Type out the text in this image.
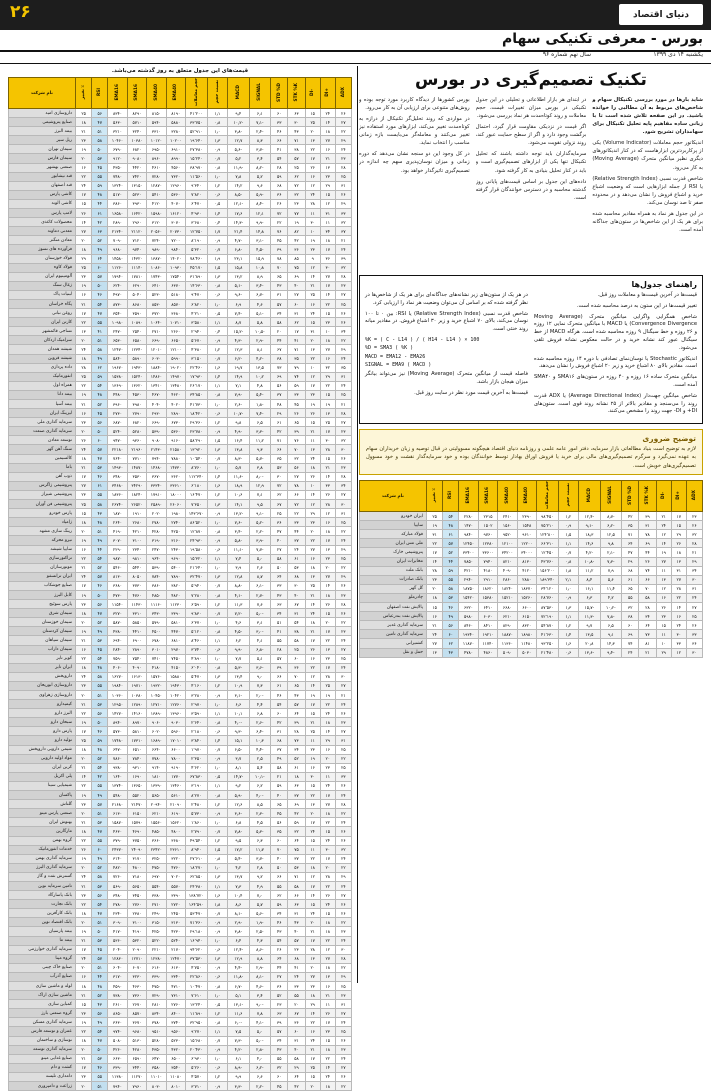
دنیای اقتصاد
۲۶
بورس - معرفی تکنیکی سهام
یکشنبه ۱۴ دی ۱۳۹۹
سال نهم شماره ۹۶
تکنیک تصمیم‌گیری در بورس

شاید بارها در مورد بررسی تکنیکال سهام و شاخص‌های مربوط به آن مطالبی را خوانده باشید. در این صفحه تلاش شده است تا با زبانی ساده مفاهیم پایه تحلیل تکنیکال برای سهامداران تشریح شود.

اندیکاتور حجم معاملات (Volume Indicator) یکی از پرکاربردترین ابزارهاست که در کنار اندیکاتورهای دیگری نظیر میانگین متحرک (Moving Average) به کار می‌رود.

شاخص قدرت نسبی (Relative Strength Index) یا RSI از جمله ابزارهایی است که وضعیت اشباع خرید و اشباع فروش را نشان می‌دهد و در محدوده صفر تا صد نوسان می‌کند.

در این جدول هر نماد به همراه مقادیر محاسبه شده برای هر یک از این شاخص‌ها در ستون‌های جداگانه آمده است.

در ابتدای هر بازار اطلاعاتی و تحلیلی در این جدول تکنیکی در بورس میزان تغییرات قیمت، حجم معاملات و روند کوتاه‌مدت هر نماد بررسی می‌شود.

اگر قیمت در نزدیکی مقاومت قرار گیرد، احتمال برگشت وجود دارد و اگر از سطح حمایت عبور کند، روند نزولی تقویت می‌شود.

سرمایه‌گذاران باید توجه داشته باشند که تحلیل تکنیکال تنها یکی از ابزارهای تصمیم‌گیری است و باید در کنار تحلیل بنیادی به کار گرفته شود.

داده‌های این جدول بر اساس قیمت‌های پایانی روز گذشته محاسبه و در دسترس خوانندگان قرار گرفته است.

بورس کشورها از دیدگاه کاربرد مورد توجه بوده و روش‌های متنوعی برای ارزیابی آن به کار می‌رود.

در مواردی که روند تحلیل‌گر تکنیکال از درازه به کوتاه‌مدت تغییر می‌کند، ابزارهای مورد استفاده نیز تغییر می‌کنند و معامله‌گر می‌بایست بازه زمانی مناسب را انتخاب نماید.

در کل وجود این دو سنجه نشان می‌دهد که دوره زمانی و میزان نوسان‌پذیری سهم چه اندازه در تصمیم‌گیری تاثیرگذار خواهد بود.

راهنمای جدول‌ها

قیمت‌ها در آخرین قیمت‌ها و معاملات روز قبل.

تغییر قیمت‌ها در این ستون به درصد محاسبه شده است.

شاخص همگرایی واگرایی میانگین متحرک (Moving Average Convergence Divergence) یا MACD با میانگین متحرک نمایی ۱۲ روزه و ۲۶ روزه و خط سیگنال ۹ روزه محاسبه شده است. هرگاه MACD از خط سیگنال عبور کند نشانه خرید و در حالت معکوس نشانه فروش تلقی می‌شود.

اندیکاتور Stochastic یا نوسان‌نمای تصادفی با دوره ۱۴ روزه محاسبه شده است. مقادیر بالای ۸۰ اشباع خرید و زیر ۲۰ اشباع فروش را نشان می‌دهد.

میانگین متحرک ساده ۱۶ روزه و ۴۰ روزه در ستون‌های SMA۱۶ و SMA۴۰ آمده است.

شاخص میانگین جهت‌دار (Average Directional Index) یا ADX قدرت روند را می‌سنجد و مقادیر بالاتر از ۲۵ نشانه روند قوی است. ستون‌های DI+ و DI- جهت روند را مشخص می‌کنند.

در هر یک از ستون‌های زیر نشانه‌های جداگانه‌ای برای هر یک از شاخص‌ها در نظر گرفته شده که بر اساس آن می‌توان وضعیت هر نماد را ارزیابی کرد.

شاخص قدرت نسبی (Relative Strength Index) یا RSI: بین ۰ تا ۱۰۰ نوسان می‌کند، بالای ۷۰ اشباع خرید و زیر ۳۰ اشباع فروش. در مقادیر میانه روند خنثی است.

%K = ( C - L14 ) / ( H14 - L14 ) × 100
%D = SMA3 ( %K )
MACD = EMA12 - EMA26
SIGNAL = EMA9 ( MACD )

فاصله قیمت از میانگین متحرک (Moving Average) نیز می‌تواند بیانگر میزان هیجان بازار باشد.

قیمت‌ها به آخرین قیمت مورد نظر در سایت روز قبل.

توضیح ضروری

لازم به توضیح است بنیاد مطالعاتی بازار سرمایه، دفتر امور عامه علمی و روزنامه دنیای اقتصاد هیچگونه مسوولیتی در قبال توصیه و زیان خریداران سهام به عهده نمی‌گیرد و سرگرم تصمیم‌گیری‌های مالی برای خرید یا فروش اوراق بهادار توسط خوانندگان بوده و خود سرمایه‌گذار نقشت و خود مسوول تصمیم‌گیری‌های خویش است.

ADX	+DI	-DI	STK %K	STD %D	SIGNAL	MACD	نسبت حجم	حجم معاملات	EMA40	SMA40	SMA16	EMA16	RSI	٪ تغییر	نام شرکت
۲۳	۱۷	۲۱	۳۹	۴۲	-۸٫۷	-۱۲٫۴	۱٫۲	۹۸٬۴۵۰	۲۳۹۰	۲۴۱۰	۲۳۱۵	۲۲۸۰	۵۴	۲۵	ایران خودرو
۲۶	۱۵	۲۴	۳۱	۳۵	-۶٫۲	-۹٫۱	۰٫۹	۷۵٬۲۱۰	۱۵۴۸	۱۵۶۰	۱۵۰۲	۱۴۷۰	۴۸	۱۹	سایپا
۳۲	۲۹	۱۲	۷۸	۷۱	۱۲٫۵	۱۸٫۳	۱٫۵	۱۲۴٬۸۰۰	۹۶۱۰	۹۵۲۰	۹۷۶۰	۹۸۴۰	۶۱	۳۱	فولاد مبارکه
۲۸	۲۶	۱۴	۶۹	۶۴	۹٫۸	۱۴٫۶	۱٫۱	۶۶٬۳۱۰	۱۲۲۰۰	۱۲۱۰۰	۱۲۳۸۰	۱۲۴۵۰	۵۷	۲۲	ملی مس ایران
۲۱	۱۸	۱۹	۴۴	۴۷	-۲٫۱	-۴٫۲	۰٫۷	۱۲٬۴۵۰	۳۴۰۰۰	۳۴۲۰۰	۳۳۶۰۰	۳۳۴۰۰	۵۲	۱۷	پتروشیمی خارک
۲۹	۱۳	۲۷	۲۶	۲۹	-۷٫۳	-۱۰٫۸	۰٫۸	۴۳٬۷۶۰	۸۱۳۰	۸۲۱۰	۷۹۴۰	۷۸۵۰	۴۴	۱۴	مخابرات ایران
۳۴	۳۱	۱۱	۷۴	۶۸	۷٫۹	۱۱٫۲	۱٫۸	۱۵۶٬۲۰۰	۴۱۲۰	۴۰۹۰	۴۱۸۰	۴۲۱۰	۵۹	۲۸	بانک ملت
۳۰	۲۷	۱۳	۶۶	۶۱	۵٫۶	۸٫۴	۲٫۱	۱۸۹٬۳۴۰	۲۸۸۰	۲۸۶۰	۲۹۱۰	۲۹۴۰	۵۵	۲۳	بانک صادرات
۳۱	۲۸	۱۲	۷۰	۶۵	۱۱٫۴	۱۶٫۱	۱٫۰	۳۴٬۱۲۰	۱۸۳۷۰	۱۸۲۴۰	۱۸۶۲۰	۱۸۷۵۰	۵۸	۲۰	گل گهر
۲۴	۲۲	۱۶	۵۸	۵۵	۴٫۲	۶٫۳	۰٫۹	۲۸٬۷۶۰	۱۵۲۶۰	۱۵۲۱۰	۱۵۳۸۰	۱۵۴۲۰	۵۳	۱۸	چادرملو
۲۷	۱۴	۲۶	۲۸	۳۲	-۱۰٫۲	-۱۵٫۷	۱٫۳	۸۷٬۵۳۰	۶۶۰۰	۶۶۸۰	۶۴۱۰	۶۳۲۰	۴۶	۱۵	پالایش نفت اصفهان
۲۵	۱۶	۲۳	۳۴	۳۸	-۷٫۸	-۱۱٫۳	۱٫۱	۷۲٬۱۹۰	۶۱۵۰	۶۲۱۰	۶۰۳۰	۵۹۸۰	۴۹	۱۶	پالایش نفت بندرعباس
۲۶	۲۴	۱۵	۶۴	۶۰	۶٫۵	۹٫۷	۱٫۲	۵۴٬۸۷۰	۸۳۲۰	۸۲۹۰	۸۴۱۰	۸۴۶۰	۵۶	۲۱	سرمایه گذاری غدیر
۳۳	۳۰	۱۱	۷۳	۶۹	۹٫۱	۱۳٫۵	۱٫۴	۴۱٬۶۳۰	۱۸۹۸۰	۱۸۸۷۰	۱۹۲۱۰	۱۹۳۴۰	۶۰	۲۴	سرمایه گذاری تامین
۳۶	۳۳	۱۰	۸۱	۷۴	۱۴٫۳	۲۰٫۸	۱٫۶	۹۳٬۲۵۰	۱۱۴۸۰	۱۱۳۶۰	۱۱۷۴۰	۱۱۸۷۰	۶۲	۲۷	کشتیرانی
۳۰	۱۲	۲۹	۲۱	۲۴	-۹٫۴	-۱۳٫۶	۰٫۶	۲۱٬۴۸۰	۵۰۳۰	۵۰۹۰	۴۸۶۰	۴۷۸۰	۴۳	۱۳	حمل و نقل
قیمت‌های این جدول متعلق به روز گذشته می‌باشد.
ADX	+DI	-DI	STK %K	STD %D	SIGNAL	MACD	نسبت حجم	حجم معاملات	EMA40	SMA40	SMA16	EMA16	RSI	٪ تغییر	نام شرکت
۲۶	۲۴	۱۵	۶۳	۶۰	۶٫۱	۹٫۴	۱٫۱	۴۱٬۲۰۰	۸۱۹۰	۸۱۵۰	۸۲۹۰	۸۳۴۰	۵۶	۲۵	داروسازی امید
۲۷	۱۴	۲۵	۳۰	۳۳	-۷٫۱	-۱۰٫۲	۰٫۸	۳۳٬۷۵۰	۵۸۸۰	۵۹۴۰	۵۷۱۰	۵۶۳۰	۴۷	۱۸	صنایع پتروشیمی
۲۲	۱۸	۲۰	۴۳	۴۶	-۲٫۴	-۳٫۸	۱٫۰	۵۲٬۹۱۰	۳۲۸۰	۳۳۱۰	۳۲۴۰	۳۲۱۰	۵۱	۲۱	بیمه البرز
۲۹	۲۷	۱۳	۷۱	۶۶	۸٫۳	۱۲٫۷	۱٫۳	۱۹٬۶۴۰	۱۰۲۰۰	۱۰۱۲۰	۱۰۳۸۰	۱۰۴۶۰	۵۸	۲۳	ریل سیر
۲۴	۱۶	۲۲	۳۸	۴۱	-۳٫۷	-۵٫۶	۰٫۹	۲۷٬۳۸۰	۶۹۱۰	۶۹۵۰	۶۸۲۰	۶۷۹۰	۵۰	۱۹	سیمان تهران
۲۳	۲۱	۱۷	۵۷	۵۴	۳٫۴	۵٫۲	۰٫۷	۱۵٬۲۴۰	۸۹۹۰	۸۹۶۰	۹۰۸۰	۹۱۲۰	۵۳	۲۰	سیمان فارس
۲۸	۱۳	۲۶	۲۵	۲۸	-۸٫۲	-۱۱٫۹	۰٫۸	۳۸٬۹۷۰	۴۵۶۰	۴۶۱۰	۴۴۲۰	۴۳۵۰	۴۵	۱۶	صنعتی بهشهر
۲۵	۲۳	۱۶	۶۲	۵۹	۵٫۲	۷٫۸	۱٫۰	۱۱٬۵۶۰	۷۳۲۰	۷۲۸۰	۷۴۲۰	۷۴۸۰	۵۵	۲۲	قند نیشابور
۳۱	۲۹	۱۲	۷۲	۶۸	۹٫۶	۱۴٫۲	۱٫۲	۹٬۳۴۰	۱۲۹۶۰	۱۲۸۷۰	۱۳۱۵۰	۱۳۲۴۰	۵۹	۲۴	قند اصفهان
۲۶	۱۵	۲۴	۳۲	۳۶	-۵٫۹	-۸٫۵	۰٫۶	۷٬۸۲۰	۵۳۶۰	۵۴۱۰	۵۲۳۰	۵۱۷۰	۴۸	۱۷	کاشی پارس
۲۹	۱۲	۲۸	۲۳	۲۶	-۸٫۴	-۱۲٫۱	۰٫۵	۶٬۴۷۰	۴۰۷۰	۴۱۲۰	۳۹۳۰	۳۸۶۰	۴۴	۱۵	کاشی الوند
۳۳	۳۱	۱۱	۷۷	۷۲	۱۲٫۱	۱۷٫۶	۱٫۴	۴٬۹۳۰	۱۶۱۲۰	۱۵۹۸۰	۱۶۴۲۰	۱۶۵۸۰	۶۱	۲۶	لامپ پارس
۳۲	۱۱	۳۰	۱۹	۲۲	-۹٫۹	-۱۴٫۳	۰٫۴	۳٬۶۸۰	۳۰۷۰	۳۱۲۰	۲۹۶۰	۲۸۹۰	۴۲	۱۴	محصولات کاغذی
۳۷	۳۴	۱۰	۸۲	۷۶	۱۴٫۸	۲۱٫۴	۱٫۷	۱۲٬۷۵۰	۲۰۷۳۰	۲۰۵۶۰	۲۱۱۲۰	۲۱۳۴۰	۶۳	۲۷	معدنی دماوند
۲۱	۱۸	۱۹	۴۲	۴۵	-۳٫۱	-۴٫۷	۰٫۹	۸٬۱۹۰	۷۲۰۰	۷۲۴۰	۷۱۲۰	۷۰۹۰	۵۲	۲۰	معادن منگنز
۲۴	۱۷	۲۳	۳۶	۳۹	-۴٫۵	-۶٫۸	۰٫۷	۵٬۳۲۰	۹۸۴۰	۹۸۹۰	۹۷۴۰	۹۶۸۰	۴۹	۱۸	فرآورده های نسوز
۳۹	۳۶	۹	۸۵	۷۸	۱۵٫۹	۲۳٫۱	۱٫۹	۷۸٬۴۶۰	۱۴۰۲۰	۱۳۸۷۰	۱۴۳۲۰	۱۴۵۸۰	۶۴	۲۹	فولاد خوزستان
۳۲	۳۰	۱۲	۷۵	۷۰	۱۰٫۸	۱۵٫۸	۱٫۵	۴۵٬۱۷۰	۱۰۹۳۰	۱۰۸۶۰	۱۱۱۴۰	۱۱۲۶۰	۶۰	۲۵	فولاد کاوه
۲۸	۲۷	۱۴	۶۹	۶۵	۸٫۹	۱۳٫۲	۱٫۳	۳۱٬۸۹۰	۱۷۵۴۰	۱۷۴۳۰	۱۷۸۱۰	۱۷۹۴۰	۵۷	۲۳	آلومینیوم ایران
۲۳	۱۷	۲۱	۴۰	۴۳	-۳٫۴	-۵٫۱	۰٫۸	۱۴٬۶۳۰	۶۳۷۰	۶۴۱۰	۶۲۹۰	۶۲۴۰	۵۰	۱۹	زغال سنگ
۲۷	۱۴	۲۵	۲۷	۳۱	-۶٫۷	-۹٫۶	۰٫۶	۹٬۴۷۰	۵۱۸۰	۵۲۳۰	۵۰۴۰	۴۹۷۰	۴۶	۱۶	لبنیات پاک
۲۵	۲۲	۱۶	۶۰	۵۷	۴٫۶	۶٫۹	۱٫۰	۶٬۸۲۰	۸۵۷۰	۸۵۳۰	۸۶۸۰	۸۷۳۰	۵۴	۲۱	پگاه خراسان
۲۶	۱۵	۲۴	۳۱	۳۴	-۵٫۱	-۷٫۴	۰٫۵	۴٬۲۱۰	۳۶۸۰	۳۷۲۰	۳۵۹۰	۳۵۴۰	۴۷	۱۷	روغن نباتی
۲۶	۲۳	۱۵	۶۲	۵۸	۵٫۸	۸٫۷	۱٫۱	۳٬۵۸۰	۱۰۷۱۰	۱۰۶۴۰	۱۰۸۹۰	۱۰۹۸۰	۵۵	۲۲	کارتن ایران
۳۴	۱۰	۳۱	۱۷	۲۰	-۱۰٫۵	-۱۵٫۲	۰٫۴	۲٬۹۴۰	۲۶۶۰	۲۷۱۰	۲۵۴۰	۲۴۷۰	۴۱	۱۳	نساجی قائمشهر
۲۲	۱۸	۲۰	۴۱	۴۴	-۲٫۹	-۴٫۳	۰٫۹	۵٬۶۷۰	۶۶۵۰	۶۶۹۰	۶۵۸۰	۶۵۳۰	۵۱	۲۰	سرامیک اردکان
۲۹	۲۷	۱۳	۷۱	۶۷	۸٫۱	۱۲٫۳	۱٫۲	۴٬۳۸۰	۱۲۱۰۰	۱۲۰۱۰	۱۲۳۴۰	۱۲۴۷۰	۵۸	۲۴	شیشه همدان
۲۴	۱۶	۲۲	۳۵	۳۸	-۴٫۲	-۶٫۲	۰٫۷	۳٬۱۵۰	۵۹۹۰	۶۰۳۰	۵۸۹۰	۵۸۴۰	۴۹	۱۸	شیشه قزوین
۳۵	۳۲	۱۰	۷۹	۷۳	۱۳٫۵	۱۹٫۷	۱٫۶	۲۲٬۴۶۰	۱۹۰۲۰	۱۸۸۴۰	۱۹۴۳۰	۱۹۶۷۰	۶۲	۲۸	داده پردازی
۳۱	۲۹	۱۲	۷۴	۶۹	۱۰٫۲	۱۴٫۹	۱٫۴	۱۷٬۹۳۰	۱۴۹۷۰	۱۴۸۶۰	۱۵۲۴۰	۱۵۳۸۰	۵۹	۲۵	انفورماتیک
۲۴	۲۲	۱۷	۵۹	۵۶	۴٫۸	۷٫۱	۱٫۱	۲۶٬۱۷۰	۱۳۴۸۰	۱۳۴۱۰	۱۳۶۲۰	۱۳۶۹۰	۵۴	۲۲	همراه اول
۲۵	۱۵	۲۳	۳۳	۳۷	-۵٫۴	-۷٫۹	۰٫۸	۳۴٬۸۵۰	۴۶۲۰	۴۶۷۰	۴۵۳۰	۴۴۸۰	۴۸	۱۹	بیمه دانا
۲۱	۱۹	۱۹	۴۵	۴۸	-۱٫۸	-۲٫۶	۱٫۰	۴۱٬۷۳۰	۴۰۲۰	۴۰۴۰	۳۹۸۰	۳۹۶۰	۵۲	۲۱	بیمه آسیا
۲۸	۱۳	۲۶	۲۶	۲۹	-۷٫۴	-۱۰٫۷	۰٫۶	۱۸٬۴۲۰	۲۸۹۰	۲۹۳۰	۲۷۹۰	۲۷۳۰	۴۵	۱۶	لیزینگ ایران
۲۷	۲۵	۱۵	۶۵	۶۱	۶٫۵	۹٫۸	۱٫۲	۲۹٬۳۶۰	۶۷۳۰	۶۶۹۰	۶۸۲۰	۶۸۷۰	۵۶	۲۳	سرمایه گذاری ملی
۲۳	۱۷	۲۱	۳۹	۴۲	-۳٫۳	-۴٫۹	۰٫۹	۲۳٬۷۸۰	۵۳۶۰	۵۳۹۰	۵۲۸۰	۵۲۴۰	۵۰	۲۰	سرمایه گذاری صنعت
۳۲	۳۰	۱۱	۷۶	۷۱	۱۱٫۲	۱۶٫۴	۱٫۵	۵۸٬۲۹۰	۹۱۶۰	۹۰۸۰	۹۳۶۰	۹۴۷۰	۶۰	۲۶	توسعه معادن
۳۰	۲۸	۱۳	۷۰	۶۶	۹٫۳	۱۳٫۸	۱٫۳	۱۳٬۹۲۰	۲۱۵۸۰	۲۱۴۳۰	۲۱۹۶۰	۲۲۱۸۰	۵۷	۲۴	سنگ آهن گهر
۲۶	۱۵	۲۴	۳۲	۳۵	-۵٫۷	-۸٫۳	۰٫۷	۱۰٬۵۴۰	۷۸۸۰	۷۹۴۰	۷۷۱۰	۷۶۴۰	۴۷	۱۸	کالسیمین
۲۳	۲۱	۱۸	۵۶	۵۳	۳٫۸	۵٫۷	۱٫۰	۸٬۷۶۰	۱۴۷۳۰	۱۴۶۸۰	۱۴۸۷۰	۱۴۹۳۰	۵۳	۲۱	باما
۲۸	۱۴	۲۶	۲۷	۳۰	-۸٫۰	-۱۱٫۶	۱٫۴	۱۱۲٬۳۴۰	۳۶۲۰	۳۶۷۰	۳۵۳۰	۳۴۸۰	۴۶	۱۷	ذوب آهن
۳۴	۳۳	۱۰	۷۸	۷۲	۱۲٫۹	۱۸٫۹	۱٫۶	۶٬۱۸۰	۳۳۶۱۰	۳۳۳۴۰	۳۴۲۹۰	۳۴۶۸۰	۶۱	۲۷	پتروشیمی زاگرس
۲۷	۲۶	۱۴	۶۶	۶۲	۷٫۱	۱۰٫۶	۱٫۲	۱۶٬۴۷۰	۱۸۰۰۰	۱۷۹۱۰	۱۸۲۴۰	۱۸۳۶۰	۵۵	۲۳	پتروشیمی شیراز
۳۰	۲۸	۱۲	۷۲	۶۷	۹٫۵	۱۴٫۱	۱٫۳	۷٬۳۵۰	۲۶۰۶۰	۲۵۸۹۰	۲۶۵۲۰	۲۶۷۴۰	۵۸	۲۵	پتروشیمی فن آوران
۳۱	۱۲	۲۹	۲۲	۲۵	-۹٫۱	-۱۳٫۲	۰٫۹	۱۴۳٬۶۷۰	۱۹۸۰	۲۰۲۰	۱۹۱۰	۱۸۷۰	۴۳	۱۵	پارس خودرو
۲۵	۱۶	۲۳	۳۳	۳۶	-۵٫۲	-۷٫۶	۱٫۰	۸۶٬۵۲۰	۲۷۴۰	۲۷۸۰	۲۶۸۰	۲۶۴۰	۴۸	۱۸	زامیاد
۲۲	۱۸	۲۰	۴۴	۴۷	-۲٫۲	-۳٫۴	۰٫۸	۱۲٬۸۷۰	۴۲۵۰	۴۲۸۰	۴۲۱۰	۴۱۹۰	۵۱	۲۰	رینگ سازی مشهد
۲۴	۱۷	۲۲	۳۷	۴۰	-۳٫۹	-۵٫۸	۰٫۹	۲۴٬۹۳۰	۳۱۶۰	۳۱۹۰	۳۱۰۰	۳۰۷۰	۴۹	۱۹	نیرو محرکه
۲۹	۱۳	۲۷	۲۴	۲۷	-۷٫۷	-۱۱٫۱	۰٫۶	۱۹٬۵۸۰	۲۴۳۰	۲۴۷۰	۲۳۴۰	۲۲۹۰	۴۴	۱۶	سایپا شیشه
۲۵	۲۳	۱۶	۶۱	۵۸	۵٫۰	۷٫۴	۱٫۱	۱۵٬۳۲۰	۹۶۹۰	۹۶۴۰	۹۸۱۰	۹۸۷۰	۵۴	۲۲	تراکتورسازی
۲۲	۲۰	۱۸	۵۳	۵۰	۲٫۶	۳٫۹	۱٫۰	۲۱٬۶۴۰	۵۴۰۰	۵۳۹۰	۵۴۴۰	۵۴۶۰	۵۲	۲۱	موتورسازان
۲۹	۲۷	۱۳	۶۸	۶۴	۸٫۷	۱۲٫۸	۱٫۳	۳۲٬۴۷۰	۷۸۹۰	۷۸۴۰	۸۰۵۰	۸۱۳۰	۵۷	۲۴	ایران ترانسفو
۲۶	۱۴	۲۵	۳۰	۳۳	-۶٫۱	-۸٫۸	۰٫۷	۵٬۹۴۰	۳۸۲۰	۳۸۶۰	۳۷۳۰	۳۶۸۰	۴۶	۱۷	صنایع جوشکاب
۲۳	۱۸	۲۱	۴۰	۴۳	-۲٫۷	-۴٫۱	۰٫۸	۷٬۲۸۰	۴۸۲۰	۴۸۵۰	۴۷۶۰	۴۷۳۰	۵۰	۱۹	کابل البرز
۲۸	۲۶	۱۴	۶۷	۶۳	۷٫۶	۱۱٫۳	۱٫۲	۶٬۵۹۰	۱۱۲۳۰	۱۱۱۶۰	۱۱۴۳۰	۱۱۵۴۰	۵۶	۲۳	پارس سوئیچ
۲۶	۱۵	۲۴	۳۱	۳۴	-۵٫۰	-۷٫۲	۰٫۷	۹٬۸۳۰	۳۳۹۰	۳۴۳۰	۳۳۱۰	۳۲۷۰	۴۷	۱۸	سیمان شرق
۲۲	۲۰	۱۸	۵۴	۵۱	۳٫۱	۴٫۶	۱٫۰	۶٬۳۷۰	۵۸۱۰	۵۷۹۰	۵۸۵۰	۵۸۷۰	۵۲	۲۰	سیمان خوزستان
۲۳	۱۷	۲۱	۳۸	۴۱	-۳٫۰	-۴٫۵	۰٫۸	۵٬۱۲۰	۴۴۷۰	۴۵۰۰	۴۴۱۰	۴۳۸۰	۴۹	۱۹	سیمان کردستان
۲۴	۲۲	۱۷	۵۸	۵۵	۴٫۱	۶٫۲	۱٫۱	۸٬۴۶۰	۶۸۱۰	۶۷۸۰	۶۹۰۰	۶۹۴۰	۵۳	۲۱	سیمان سپاهان
۲۷	۱۳	۲۶	۲۵	۲۸	-۶٫۸	-۹٫۹	۰٫۶	۳٬۷۴۰	۲۹۷۰	۳۰۱۰	۲۸۹۰	۲۸۴۰	۴۵	۱۶	سیمان داراب
۲۵	۲۳	۱۶	۶۰	۵۷	۵٫۱	۷٫۷	۱٫۰	۴٬۸۹۰	۷۴۵۰	۷۴۱۰	۷۵۴۰	۷۵۹۰	۵۴	۲۲	کویر تایر
۲۴	۱۷	۲۲	۳۶	۳۹	-۳٫۶	-۵٫۳	۰٫۸	۶٬۰۴۰	۴۱۵۰	۴۱۸۰	۴۰۹۰	۴۰۶۰	۴۸	۱۸	ایران تایر
۳۰	۲۸	۱۲	۷۰	۶۶	۹٫۰	۱۳٫۴	۱٫۳	۵٬۴۷۰	۱۵۸۸۰	۱۵۷۶۰	۱۶۱۳۰	۱۶۲۷۰	۵۸	۲۴	داروپخش
۲۷	۲۵	۱۴	۶۵	۶۱	۷٫۳	۱۰٫۹	۱٫۲	۴٬۱۶۰	۱۹۴۳۰	۱۹۳۲۰	۱۹۷۱۰	۱۹۸۴۰	۵۵	۲۳	داروسازی ابوریحان
۲۱	۱۹	۱۹	۴۳	۴۶	-۲٫۰	-۳٫۱	۰٫۹	۳٬۲۸۰	۱۰۴۲۰	۱۰۴۵۰	۱۰۳۸۰	۱۰۳۶۰	۵۱	۲۰	داروسازی زهراوی
۲۴	۲۲	۱۷	۵۷	۵۴	۴٫۴	۶٫۶	۱٫۰	۲٬۹۷۰	۱۲۷۶۰	۱۲۷۱۰	۱۲۸۹۰	۱۲۹۵۰	۵۳	۲۱	کیمیدارو
۲۶	۲۴	۱۵	۶۴	۶۰	۶٫۸	۱۰٫۱	۱٫۱	۳٬۵۹۰	۱۳۹۶۰	۱۳۸۹۰	۱۴۱۶۰	۱۴۲۷۰	۵۶	۲۲	البرز دارو
۲۳	۱۸	۲۱	۳۹	۴۲	-۲٫۶	-۴٫۰	۰٫۸	۲٬۶۴۰	۹۰۳۰	۹۰۶۰	۸۹۷۰	۸۹۴۰	۵۰	۱۹	سبحان دارو
۲۷	۱۴	۲۵	۲۸	۳۱	-۶٫۴	-۹٫۳	۰٫۶	۲٬۱۸۰	۵۹۶۰	۶۰۲۰	۵۸۱۰	۵۷۳۰	۴۶	۱۷	پارس دارو
۳۱	۲۹	۱۱	۷۳	۶۸	۱۰٫۳	۱۵٫۱	۱٫۴	۳٬۸۴۰	۱۷۰۱۰	۱۶۸۹۰	۱۷۳۱۰	۱۷۴۸۰	۵۹	۲۵	تولید دارو
۲۵	۱۶	۲۳	۳۴	۳۷	-۴٫۴	-۶٫۵	۰٫۷	۱٬۹۷۰	۶۶۰۰	۶۶۴۰	۶۵۱۰	۶۴۷۰	۴۸	۱۸	شیمی دارویی داروپخش
۲۲	۲۰	۱۹	۵۲	۴۹	۲٫۵	۳٫۷	۰٫۹	۲٬۳۵۰	۷۸۰۰	۷۷۸۰	۷۸۴۰	۷۸۶۰	۵۲	۲۰	مواد اولیه دارویی
۲۵	۲۳	۱۶	۶۱	۵۸	۵٫۴	۸٫۱	۱٫۰	۴٬۶۲۰	۹۱۹۰	۹۱۴۰	۹۳۱۰	۹۳۸۰	۵۴	۲۱	کربن ایران
۳۳	۱۱	۳۰	۱۸	۲۱	-۱۰٫۱	-۱۴٫۷	۰٫۵	۶۷٬۸۳۰	۱۷۷۰	۱۸۱۰	۱۶۹۰	۱۶۴۰	۴۲	۱۴	پلی اکریل
۲۶	۲۴	۱۵	۶۳	۵۹	۶٫۲	۹٫۲	۱٫۱	۳٬۱۹۰	۱۳۴۶۰	۱۳۳۹۰	۱۳۶۵۰	۱۳۷۴۰	۵۵	۲۲	شیمیایی سینا
۲۴	۱۷	۲۲	۳۷	۴۰	-۴٫۰	-۵٫۹	۰٫۸	۸٬۲۷۰	۵۶۱۰	۵۶۵۰	۵۵۲۰	۵۴۸۰	۴۹	۱۹	پاکسان
۲۸	۲۷	۱۳	۶۹	۶۵	۸٫۵	۱۲٫۶	۱٫۲	۲٬۴۸۰	۲۱۰۹۰	۲۰۹۴۰	۲۱۴۷۰	۲۱۶۸۰	۵۷	۲۳	گلتاش
۲۲	۱۸	۲۰	۴۲	۴۵	-۲٫۳	-۳٫۶	۰٫۹	۵٬۷۳۰	۶۱۹۰	۶۲۱۰	۶۱۵۰	۶۱۳۰	۵۱	۲۰	صنعتی پارس مینو
۲۴	۲۲	۱۷	۵۹	۵۶	۴٫۵	۶٫۸	۱٫۰	۱٬۸۶۰	۱۵۶۲۰	۱۵۵۶۰	۱۵۷۹۰	۱۵۸۷۰	۵۳	۲۱	بهنوش ایران
۲۶	۱۵	۲۴	۳۲	۳۵	-۵٫۳	-۷٫۸	۰٫۷	۲٬۷۹۰	۴۸۰۰	۴۸۵۰	۴۶۹۰	۴۶۳۰	۴۷	۱۸	مارگارین
۲۶	۲۴	۱۵	۶۴	۶۰	۶٫۳	۹٫۵	۱٫۲	۴۹٬۵۴۰	۳۶۸۰	۳۶۶۰	۳۷۵۰	۳۷۹۰	۵۵	۲۲	گروه بهمن
۳۲	۳۰	۱۱	۷۵	۷۰	۱۱٫۷	۱۷٫۲	۱٫۵	۸٬۹۴۰	۲۳۶۱۰	۲۳۴۲۰	۲۴۰۹۰	۲۴۳۷۰	۶۰	۲۶	خدمات انفورماتیک
۲۴	۱۷	۲۲	۳۷	۴۰	-۳٫۷	-۵٫۴	۰٫۸	۲۷٬۶۱۰	۳۲۲۰	۳۲۵۰	۳۱۷۰	۳۱۴۰	۴۹	۱۹	سرمایه گذاری بهمن
۲۲	۲۰	۱۸	۵۳	۵۰	۲٫۸	۴٫۲	۱٫۰	۱۸٬۲۷۰	۴۷۶۰	۴۷۵۰	۴۸۰۰	۴۸۲۰	۵۲	۲۰	سرمایه گذاری البرز
۲۹	۲۸	۱۲	۷۱	۶۶	۹٫۲	۱۳٫۷	۱٫۳	۶۲٬۸۵۰	۷۰۲۰	۶۹۷۰	۷۱۸۰	۷۲۶۰	۵۸	۲۴	گسترش نفت و گاز
۲۴	۲۲	۱۷	۵۸	۵۵	۴٫۹	۷٫۳	۱٫۱	۲۴٬۳۸۰	۵۵۷۰	۵۵۴۰	۵۶۵۰	۵۶۹۰	۵۳	۲۱	تامین سرمایه نوین
۲۷	۲۶	۱۴	۶۶	۶۲	۷٫۰	۱۰٫۴	۱٫۶	۱۳۸٬۷۲۰	۳۳۹۰	۳۳۸۰	۳۴۵۰	۳۴۸۰	۵۶	۲۳	بانک پاسارگاد
۲۶	۲۴	۱۵	۶۳	۵۹	۵٫۷	۸٫۶	۱٫۸	۱۶۴٬۵۹۰	۲۷۲۰	۲۷۱۰	۲۷۶۰	۲۷۸۰	۵۴	۲۲	بانک تجارت
۲۶	۱۵	۲۴	۳۱	۳۴	-۵٫۶	-۸٫۱	۰٫۷	۵۳٬۴۷۰	۲۴۵۰	۲۴۹۰	۲۳۸۰	۲۳۴۰	۴۷	۱۸	بانک کارآفرین
۲۲	۱۸	۲۰	۴۳	۴۶	-۱٫۹	-۲٫۹	۰٫۹	۷۱٬۳۶۰	۳۱۳۰	۳۱۵۰	۳۱۰۰	۳۰۹۰	۵۱	۲۰	بانک اقتصاد نوین
۲۳	۱۸	۲۱	۴۰	۴۳	-۲٫۵	-۳٫۸	۰٫۹	۲۹٬۱۸۰	۴۲۳۰	۴۲۵۰	۴۱۹۰	۴۱۷۰	۵۰	۱۹	بیمه پارسیان
۲۴	۲۲	۱۷	۵۷	۵۴	۴٫۳	۶٫۴	۱٫۰	۱۶٬۹۴۰	۵۲۴۰	۵۲۲۰	۵۳۲۰	۵۳۶۰	۵۳	۲۱	بیمه ما
۳۰	۱۲	۲۸	۲۳	۲۶	-۸٫۶	-۱۲٫۴	۰٫۶	۹۴٬۶۲۰	۲۱۷۰	۲۲۱۰	۲۰۹۰	۲۰۴۰	۴۵	۱۷	سرمایه گذاری خوارزمی
۲۸	۲۷	۱۳	۶۸	۶۴	۸٫۸	۱۲٫۹	۱٫۳	۳۷٬۵۳۰	۱۲۴۷۰	۱۲۳۸۰	۱۲۷۱۰	۱۲۸۳۰	۵۷	۲۴	گروه مپنا
۲۲	۱۸	۲۰	۴۱	۴۴	-۲٫۹	-۴٫۴	۰٫۹	۴٬۷۵۰	۶۱۳۰	۶۱۶۰	۶۰۷۰	۶۰۴۰	۵۱	۲۰	صنایع خاک چینی
۲۹	۱۳	۲۷	۲۴	۲۷	-۸٫۱	-۱۱٫۸	۰٫۶	۲۲٬۸۶۰	۳۳۴۰	۳۳۹۰	۳۲۳۰	۳۱۷۰	۴۴	۱۶	صنایع آذرآب
۲۵	۱۶	۲۳	۳۳	۳۶	-۴٫۶	-۶٫۷	۰٫۸	۱۰٬۴۷۰	۴۷۱۰	۴۷۵۰	۴۶۳۰	۴۵۹۰	۴۸	۱۸	لوله و ماشین سازی
۲۳	۲۱	۱۸	۵۵	۵۲	۳٫۴	۵٫۱	۱٫۰	۷٬۶۱۰	۷۳۱۰	۷۲۹۰	۷۳۶۰	۷۳۸۰	۵۲	۲۱	ماشین سازی اراک
۳۱	۱۱	۲۹	۲۰	۲۳	-۹٫۰	-۱۳٫۱	۰٫۵	۱۳٬۲۴۰	۲۷۶۰	۲۸۱۰	۲۶۷۰	۲۶۱۰	۴۳	۱۵	کمباین سازی
۲۷	۲۶	۱۴	۶۷	۶۳	۷٫۸	۱۱٫۶	۱٫۲	۱۱٬۸۹۰	۸۴۰۰	۸۳۴۰	۸۵۷۰	۸۶۵۰	۵۶	۲۳	گروه صنعتی بارز
۲۴	۱۷	۲۲	۳۶	۳۹	-۴٫۱	-۶٫۰	۰٫۸	۳۲٬۹۵۰	۳۷۴۰	۳۷۸۰	۳۶۷۰	۳۶۳۰	۴۹	۱۹	سرمایه گذاری مسکن
۲۵	۲۳	۱۶	۶۰	۵۷	۵٫۰	۷٫۵	۱٫۱	۹٬۲۷۰	۹۵۶۰	۹۵۱۰	۹۶۸۰	۹۷۴۰	۵۴	۲۲	عمران و توسعه فارس
۲۶	۱۵	۲۴	۳۱	۳۴	-۵٫۰	-۷٫۳	۰٫۷	۱۵٬۶۸۰	۵۲۳۰	۵۲۸۰	۵۱۳۰	۵۰۸۰	۴۷	۱۸	نوسازی و ساختمان
۲۳	۱۸	۲۱	۴۰	۴۳	-۲٫۸	-۴٫۲	۰٫۹	۲۰٬۴۳۰	۴۳۲۰	۴۳۵۰	۴۲۸۰	۴۲۶۰	۵۰	۲۰	سرمایه گذاری توسعه
۲۴	۲۲	۱۷	۵۸	۵۵	۴٫۰	۶٫۱	۱٫۰	۶٬۹۳۰	۶۵۰۰	۶۴۷۰	۶۵۹۰	۶۶۳۰	۵۳	۲۱	صنایع غذایی مینو
۲۷	۱۴	۲۵	۲۹	۳۲	-۶٫۲	-۸٫۹	۰٫۶	۵٬۲۶۰	۳۵۴۰	۳۵۸۰	۳۴۴۰	۳۳۹۰	۴۶	۱۷	کشت و دام
۲۶	۲۴	۱۵	۶۴	۶۰	۶٫۶	۹٫۹	۱٫۲	۴٬۵۷۰	۱۱۰۸۰	۱۱۰۱۰	۱۱۲۷۰	۱۱۳۸۰	۵۵	۲۳	دامداری تلیسه
۲۲	۱۸	۲۰	۴۲	۴۵	-۲٫۲	-۳٫۳	۰٫۹	۳٬۷۱۰	۸۰۱۰	۸۰۳۰	۷۹۶۰	۷۹۴۰	۵۱	۲۰	زراعت و دامپروری
